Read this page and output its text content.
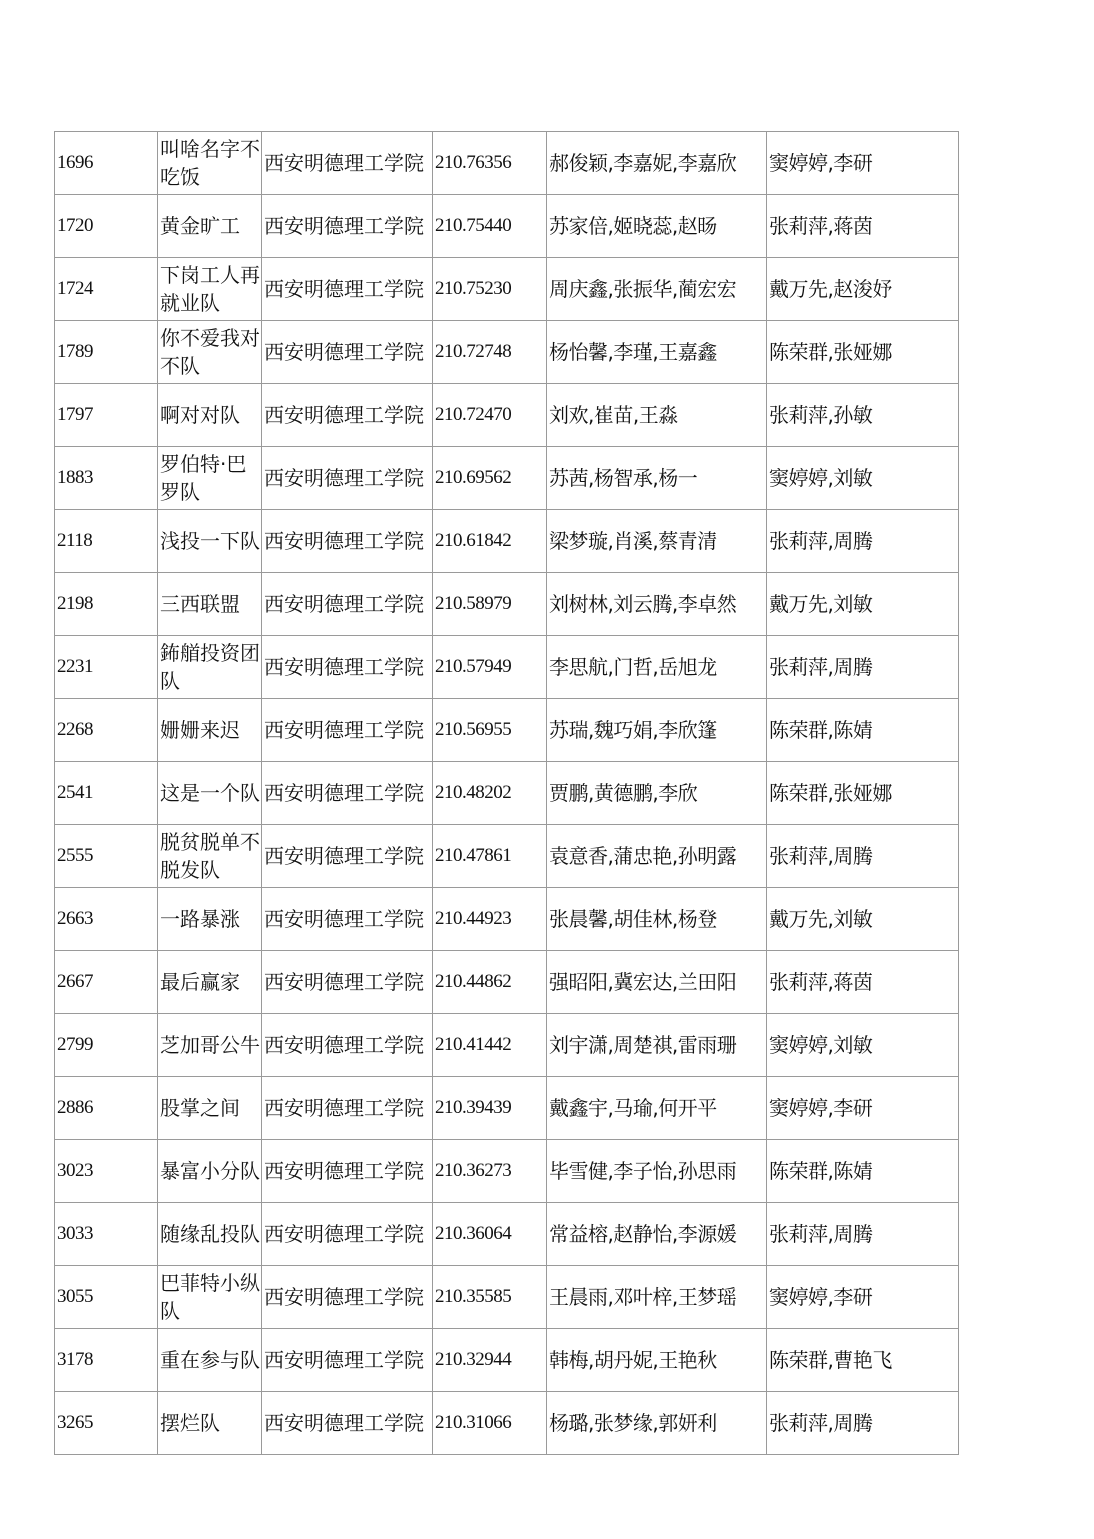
1696	叫啥名字不吃饭	西安明德理工学院	210.76356	郝俊颖,李嘉妮,李嘉欣	窦婷婷,李研
1720	黄金旷工	西安明德理工学院	210.75440	苏家倍,姬晓蕊,赵旸	张莉萍,蒋茵
1724	下岗工人再就业队	西安明德理工学院	210.75230	周庆鑫,张振华,蔺宏宏	戴万先,赵浚妤
1789	你不爱我对不队	西安明德理工学院	210.72748	杨怡馨,李瑾,王嘉鑫	陈荣群,张娅娜
1797	啊对对队	西安明德理工学院	210.72470	刘欢,崔苗,王淼	张莉萍,孙敏
1883	罗伯特·巴罗队	西安明德理工学院	210.69562	苏茜,杨智承,杨一	窦婷婷,刘敏
2118	浅投一下队	西安明德理工学院	210.61842	梁梦璇,肖溪,蔡青清	张莉萍,周腾
2198	三西联盟	西安明德理工学院	210.58979	刘树林,刘云腾,李卓然	戴万先,刘敏
2231	鈽艏投资团队	西安明德理工学院	210.57949	李思航,门哲,岳旭龙	张莉萍,周腾
2268	姗姗来迟	西安明德理工学院	210.56955	苏瑞,魏巧娟,李欣篷	陈荣群,陈婧
2541	这是一个队	西安明德理工学院	210.48202	贾鹏,黄德鹏,李欣	陈荣群,张娅娜
2555	脱贫脱单不脱发队	西安明德理工学院	210.47861	袁意香,蒲忠艳,孙明露	张莉萍,周腾
2663	一路暴涨	西安明德理工学院	210.44923	张晨馨,胡佳林,杨登	戴万先,刘敏
2667	最后赢家	西安明德理工学院	210.44862	强昭阳,冀宏达,兰田阳	张莉萍,蒋茵
2799	芝加哥公牛	西安明德理工学院	210.41442	刘宇潇,周楚祺,雷雨珊	窦婷婷,刘敏
2886	股掌之间	西安明德理工学院	210.39439	戴鑫宇,马瑜,何开平	窦婷婷,李研
3023	暴富小分队	西安明德理工学院	210.36273	毕雪健,李子怡,孙思雨	陈荣群,陈婧
3033	随缘乱投队	西安明德理工学院	210.36064	常益榕,赵静怡,李源媛	张莉萍,周腾
3055	巴菲特小纵队	西安明德理工学院	210.35585	王晨雨,邓叶梓,王梦瑶	窦婷婷,李研
3178	重在参与队	西安明德理工学院	210.32944	韩梅,胡丹妮,王艳秋	陈荣群,曹艳飞
3265	摆烂队	西安明德理工学院	210.31066	杨璐,张梦缘,郭妍利	张莉萍,周腾
